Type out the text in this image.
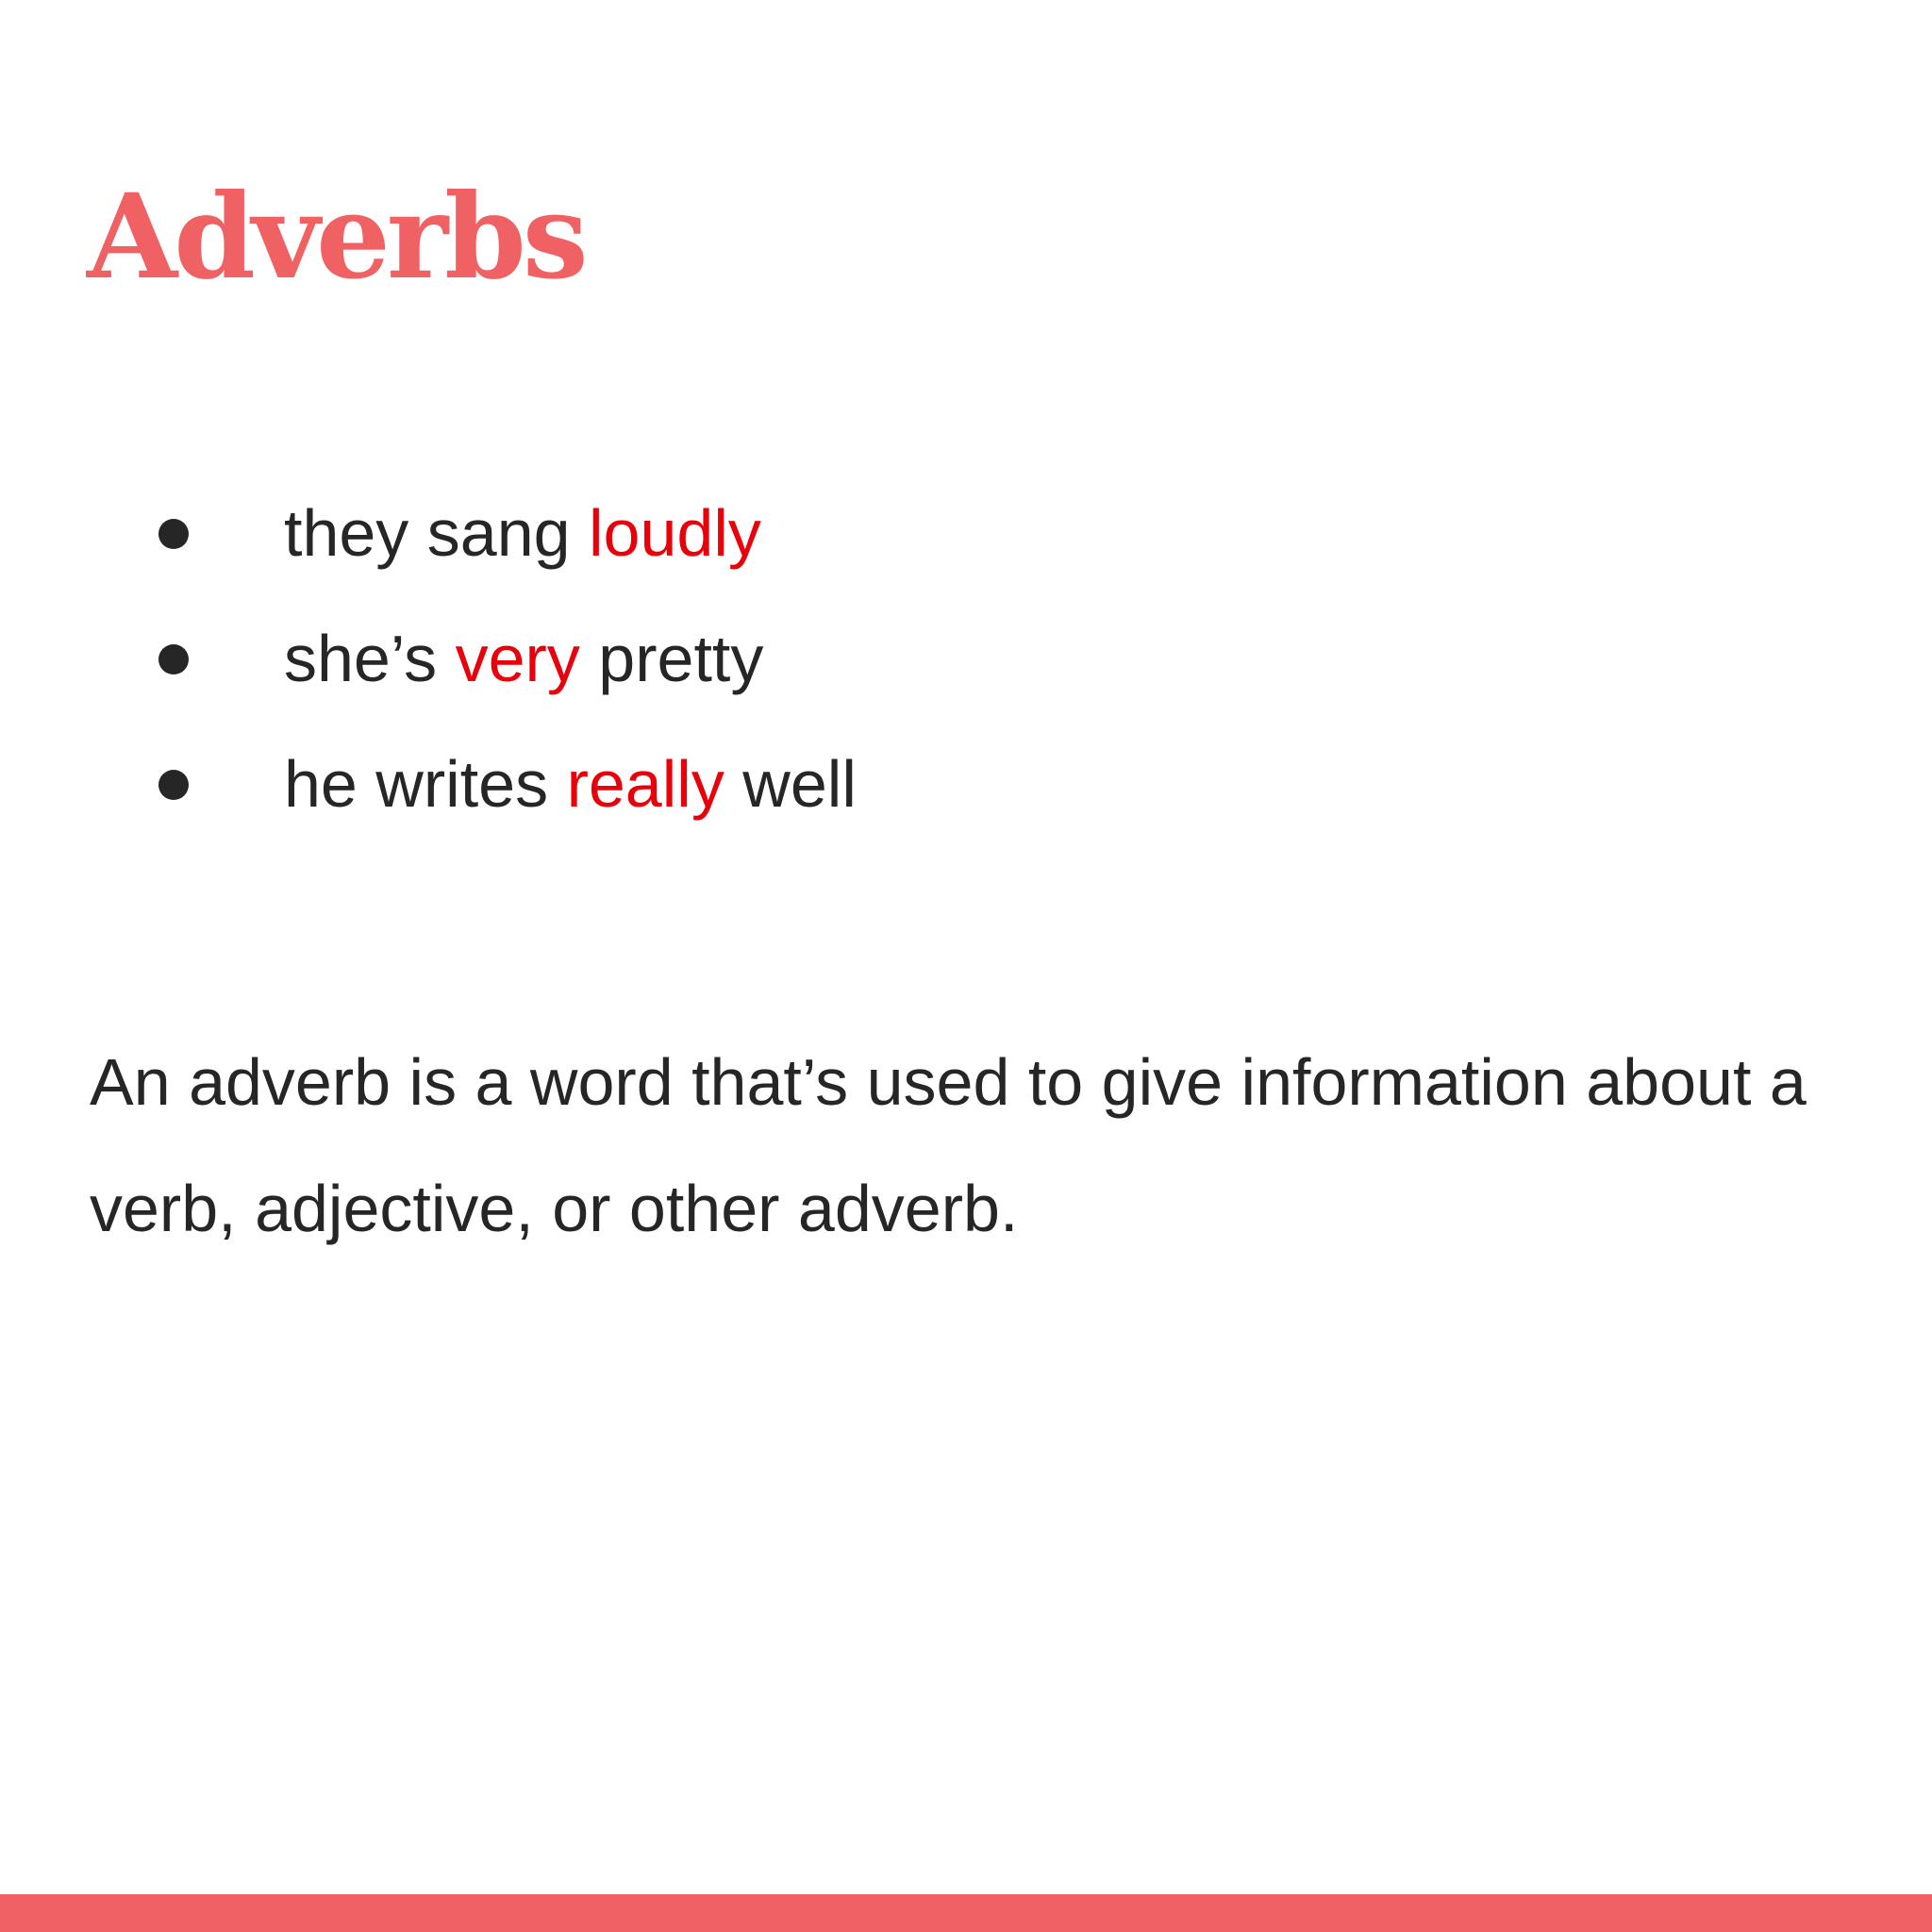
Adverbs
they sang loudly
she’s very pretty
he writes really well

An adverb is a word that’s used to give information about a verb, adjective, or other adverb.
